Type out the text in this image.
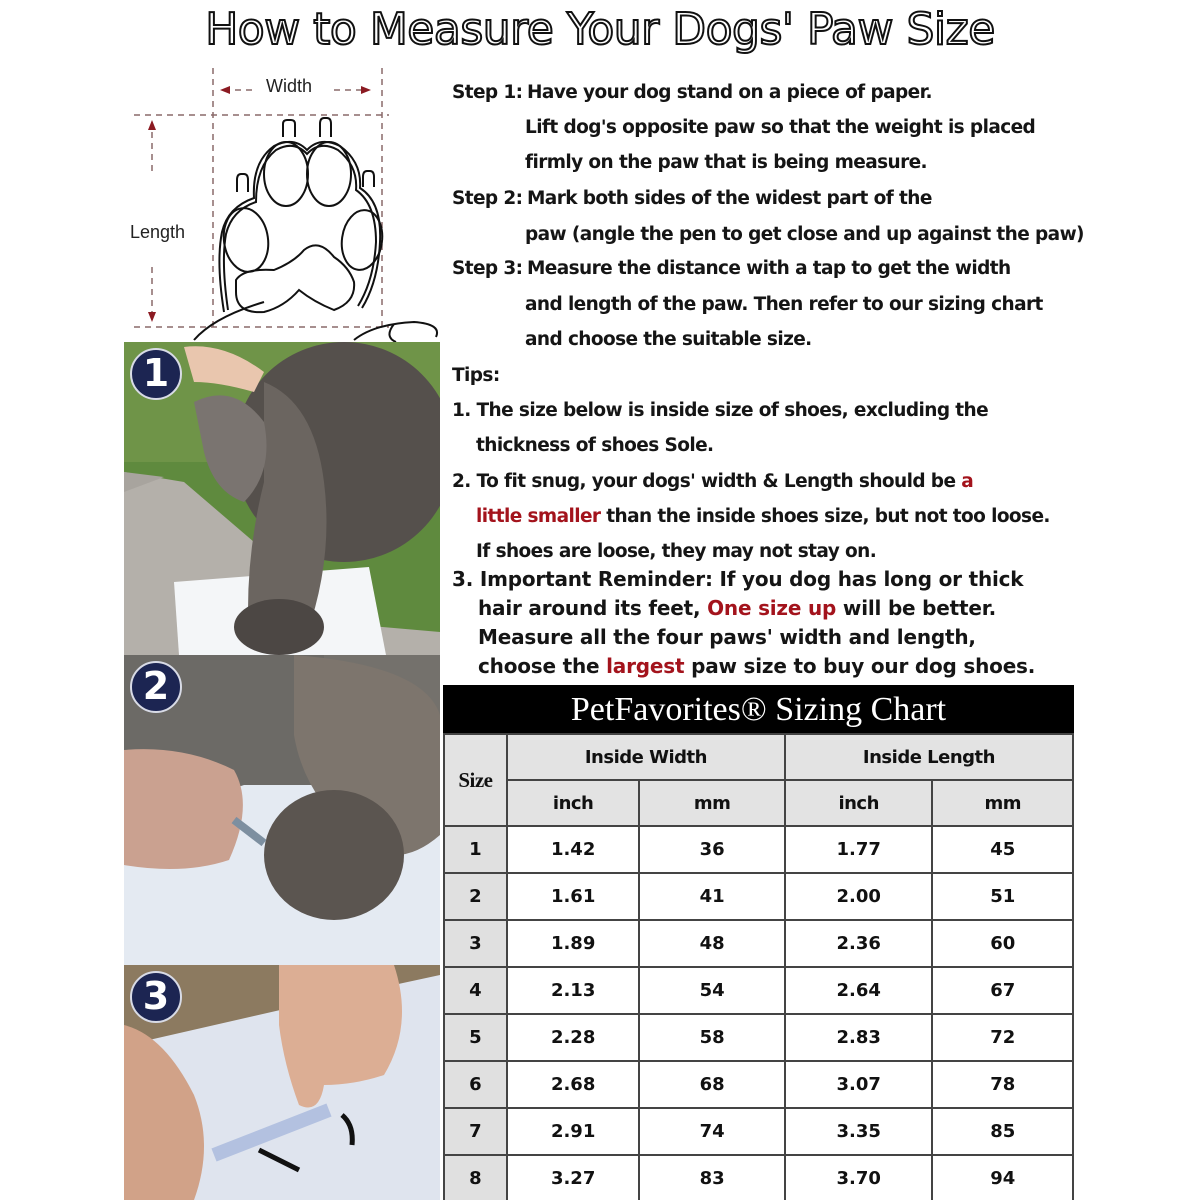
How to Measure Your Dogs' Paw Size
Width
Length
1
2
3
Step 1: Have your dog stand on a piece of paper.
Lift dog's opposite paw so that the weight is placed
firmly on the paw that is being measure.
Step 2: Mark both sides of the widest part of the
paw (angle the pen to get close and up against the paw)
Step 3: Measure the distance with a tap to get the width
and length of the paw. Then refer to our sizing chart
and choose the suitable size.
Tips:
1. The size below is inside size of shoes, excluding the
thickness of shoes Sole.
2. To fit snug, your dogs' width & Length should be a
little smaller than the inside shoes size, but not too loose.
If shoes are loose, they may not stay on.
3. Important Reminder: If you dog has long or thick
hair around its feet, One size up will be better.
Measure all the four paws' width and length,
choose the largest paw size to buy our dog shoes.
PetFavorites® Sizing Chart
Size	Inside Width		Inside Length	
	inch	mm	inch	mm
1	1.42	36	1.77	45
2	1.61	41	2.00	51
3	1.89	48	2.36	60
4	2.13	54	2.64	67
5	2.28	58	2.83	72
6	2.68	68	3.07	78
7	2.91	74	3.35	85
8	3.27	83	3.70	94
